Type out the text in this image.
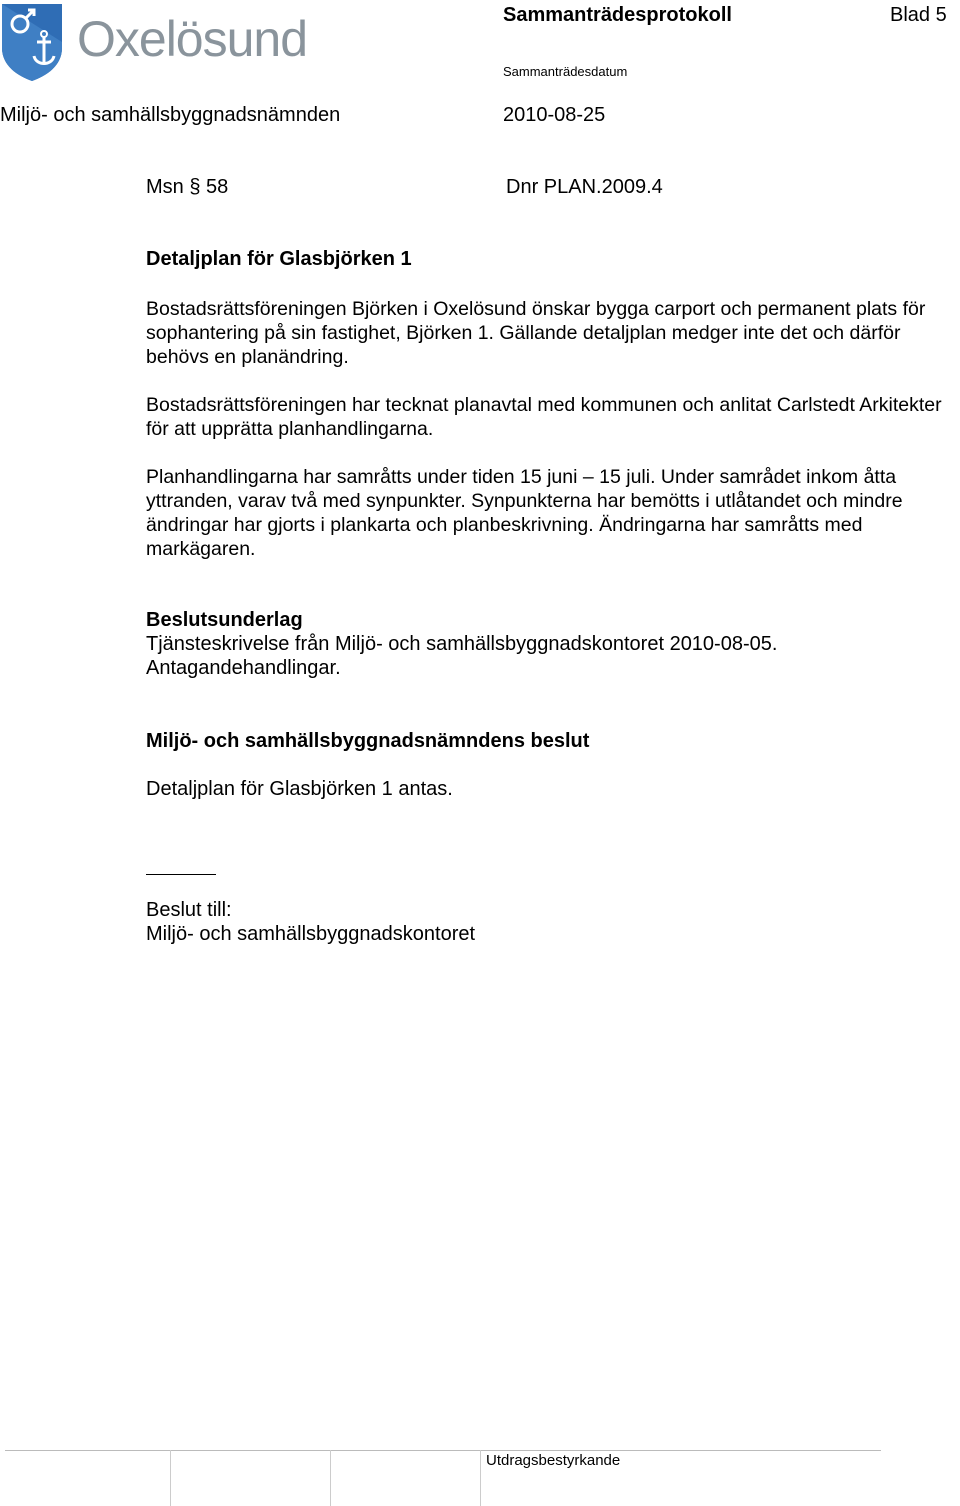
Oxelösund	Sammanträdesprotokoll	Blad 5
Sammanträdesdatum
Miljö- och samhällsbyggnadsnämnden	2010-08-25
Msn § 58	Dnr PLAN.2009.4
Detaljplan för Glasbjörken 1

Bostadsrättsföreningen Björken i Oxelösund önskar bygga carport och permanent plats för sophantering på sin fastighet, Björken 1. Gällande detaljplan medger inte det och därför behövs en planändring.

Bostadsrättsföreningen har tecknat planavtal med kommunen och anlitat Carlstedt Arkitekter för att upprätta planhandlingarna.

Planhandlingarna har samråtts under tiden 15 juni – 15 juli. Under samrådet inkom åtta yttranden, varav två med synpunkter. Synpunkterna har bemötts i utlåtandet och mindre ändringar har gjorts i plankarta och planbeskrivning. Ändringarna har samråtts med markägaren.

Beslutsunderlag
Tjänsteskrivelse från Miljö- och samhällsbyggnadskontoret 2010-08-05.
Antagandehandlingar.
Miljö- och samhällsbyggnadsnämndens beslut
Detaljplan för Glasbjörken 1 antas.
Beslut till:
Miljö- och samhällsbyggnadskontoret
Utdragsbestyrkande
